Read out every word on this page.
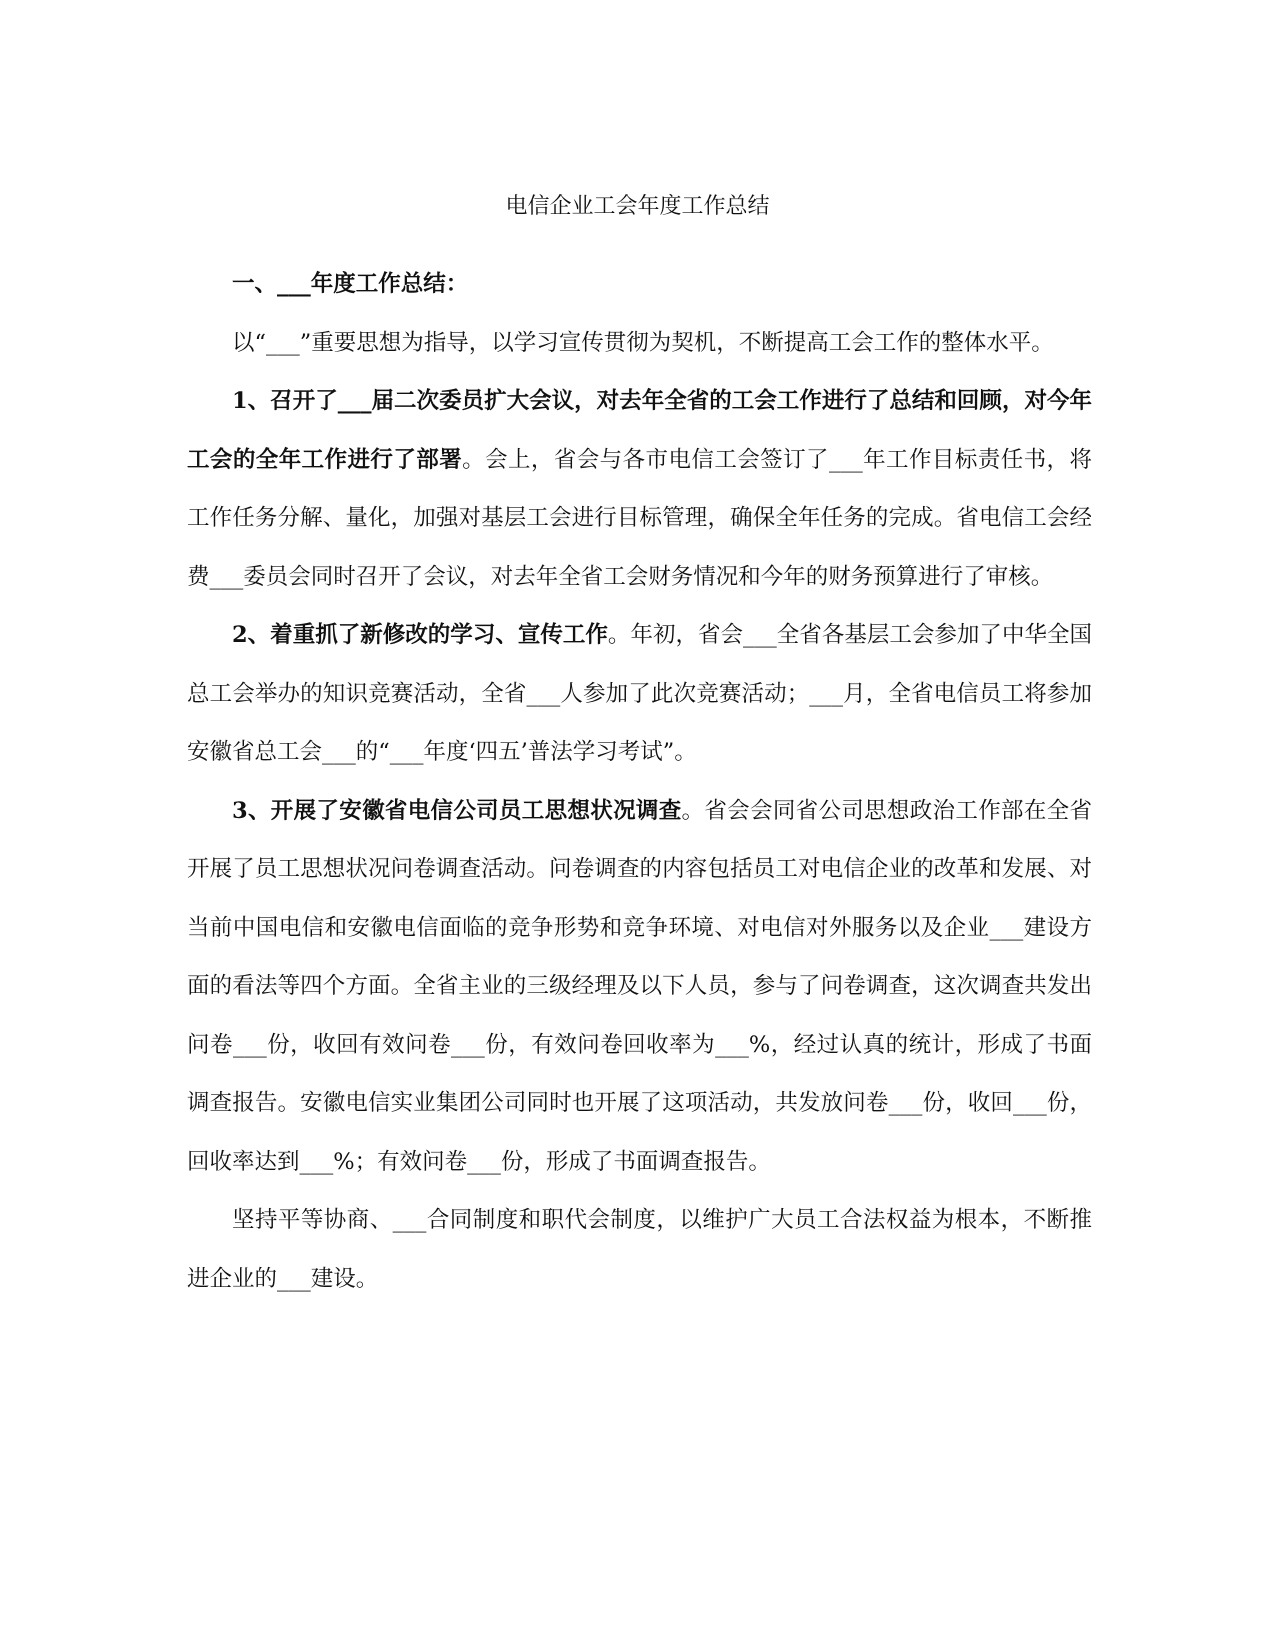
电信企业工会年度工作总结

一、___年度工作总结：

以“___”重要思想为指导，以学习宣传贯彻为契机，不断提高工会工作的整体水平。

1、召开了___届二次委员扩大会议，对去年全省的工会工作进行了总结和回顾，对今年工会的全年工作进行了部署。会上，省会与各市电信工会签订了___年工作目标责任书，将工作任务分解、量化，加强对基层工会进行目标管理，确保全年任务的完成。省电信工会经费___委员会同时召开了会议，对去年全省工会财务情况和今年的财务预算进行了审核。

2、着重抓了新修改的学习、宣传工作。年初，省会___全省各基层工会参加了中华全国总工会举办的知识竞赛活动，全省___人参加了此次竞赛活动；___月，全省电信员工将参加安徽省总工会___的“___年度‘四五’普法学习考试”。

3、开展了安徽省电信公司员工思想状况调查。省会会同省公司思想政治工作部在全省开展了员工思想状况问卷调查活动。问卷调查的内容包括员工对电信企业的改革和发展、对当前中国电信和安徽电信面临的竞争形势和竞争环境、对电信对外服务以及企业___建设方面的看法等四个方面。全省主业的三级经理及以下人员，参与了问卷调查，这次调查共发出问卷___份，收回有效问卷___份，有效问卷回收率为___%，经过认真的统计，形成了书面调查报告。安徽电信实业集团公司同时也开展了这项活动，共发放问卷___份，收回___份，回收率达到___%；有效问卷___份，形成了书面调查报告。

坚持平等协商、___合同制度和职代会制度，以维护广大员工合法权益为根本，不断推进企业的___建设。
